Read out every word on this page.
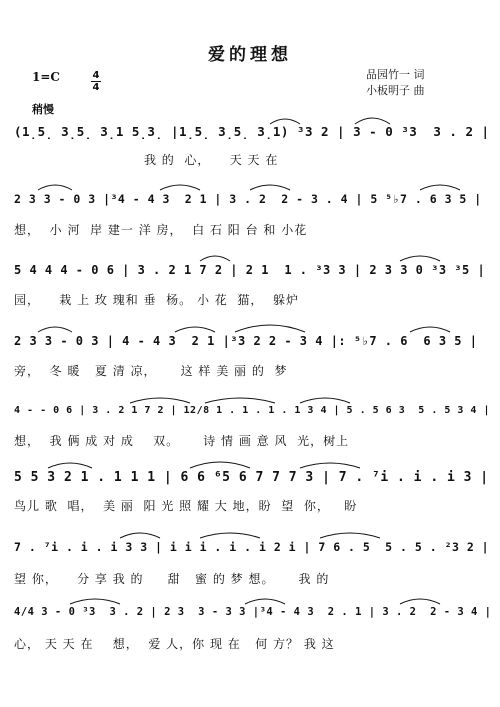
爱的理想
品园竹一 词
小板明子 曲
1=C	4
4
稍慢
(1̣5̣ 3̣5̣ 3̣1 5̣3̣ |1̣5̣ 3̣5̣ 3̣1) ³3 2 | 3 - 0 ³3  3 . 2 |
我 的  心，    天 天 在
2 3 3 - 0 3 |³4 - 4 3  2 1 | 3 . 2  2 - 3 . 4 | 5 ⁵♭7 . 6 3 5 |
想，  小 河  岸 建一 洋 房，  白 石 阳 台 和 小花
5 4 4 4 - 0 6 | 3 . 2 1 7 2 | 2 1  1 . ³3 3 | 2 3 3 0 ³3 ³5 |
园，    栽 上 玫 瑰和 垂  杨。 小 花  猫，  躲炉
2 3 3 - 0 3 | 4 - 4 3  2 1 |³3 2 2 - 3 4 |: ⁵♭7 . 6  6 3 5 |
旁，  冬 暖   夏 清 凉，     这 样 美 丽 的  梦
4 - - 0 6 | 3 . 2 1 7 2 | 12/8 1 . 1 . 1 . 1 3 4 | 5 . 5 6 3  5 . 5 3 4 |
想，  我 俩 成 对 成    双。     诗 情 画 意 风  光，树上
5 5 3 2 1 . 1 1 1 | 6 6 ⁶5 6 7 7 7 3 | 7 . ⁷i . i . i 3 |
鸟儿 歌  唱，  美 丽  阳 光 照 耀 大 地，盼  望  你，   盼
7 . ⁷i . i . i 3 3 | i i i . i . i 2 i | 7 6 . 5  5 . 5 . ²3 2 |
望 你，    分 享 我 的     甜   蜜 的 梦 想。     我 的
4/4 3 - 0 ³3  3 . 2 | 2 3  3 - 3 3 |³4 - 4 3  2 . 1 | 3 . 2  2 - 3 4 |
心， 天 天 在    想，  爱 人，你 现 在   何 方？ 我 这
